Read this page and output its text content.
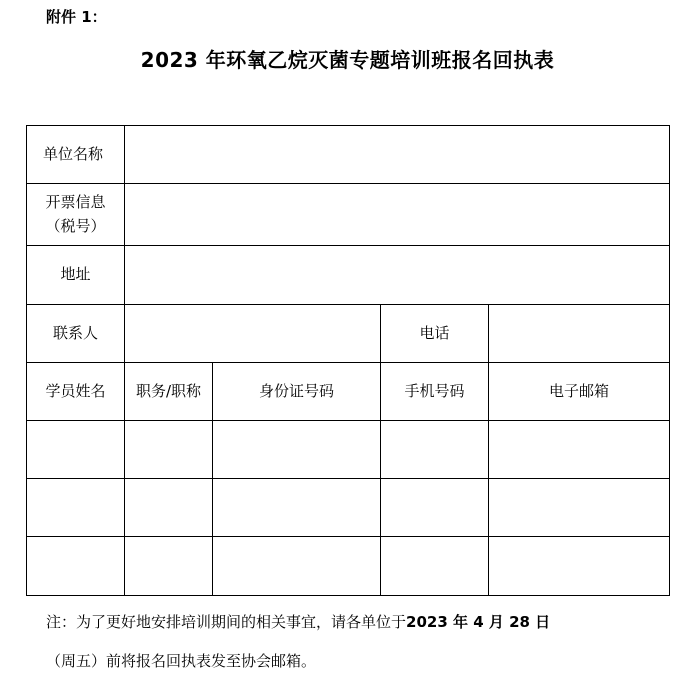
附件 1：
2023 年环氧乙烷灭菌专题培训班报名回执表
单位名称				

开票信息
（税号）				

地址				
联系人			电话	
学员姓名	职务/职称	身份证号码	手机号码	电子邮箱

注：为了更好地安排培训期间的相关事宜，请各单位于2023 年 4 月 28 日
（周五）前将报名回执表发至协会邮箱。
